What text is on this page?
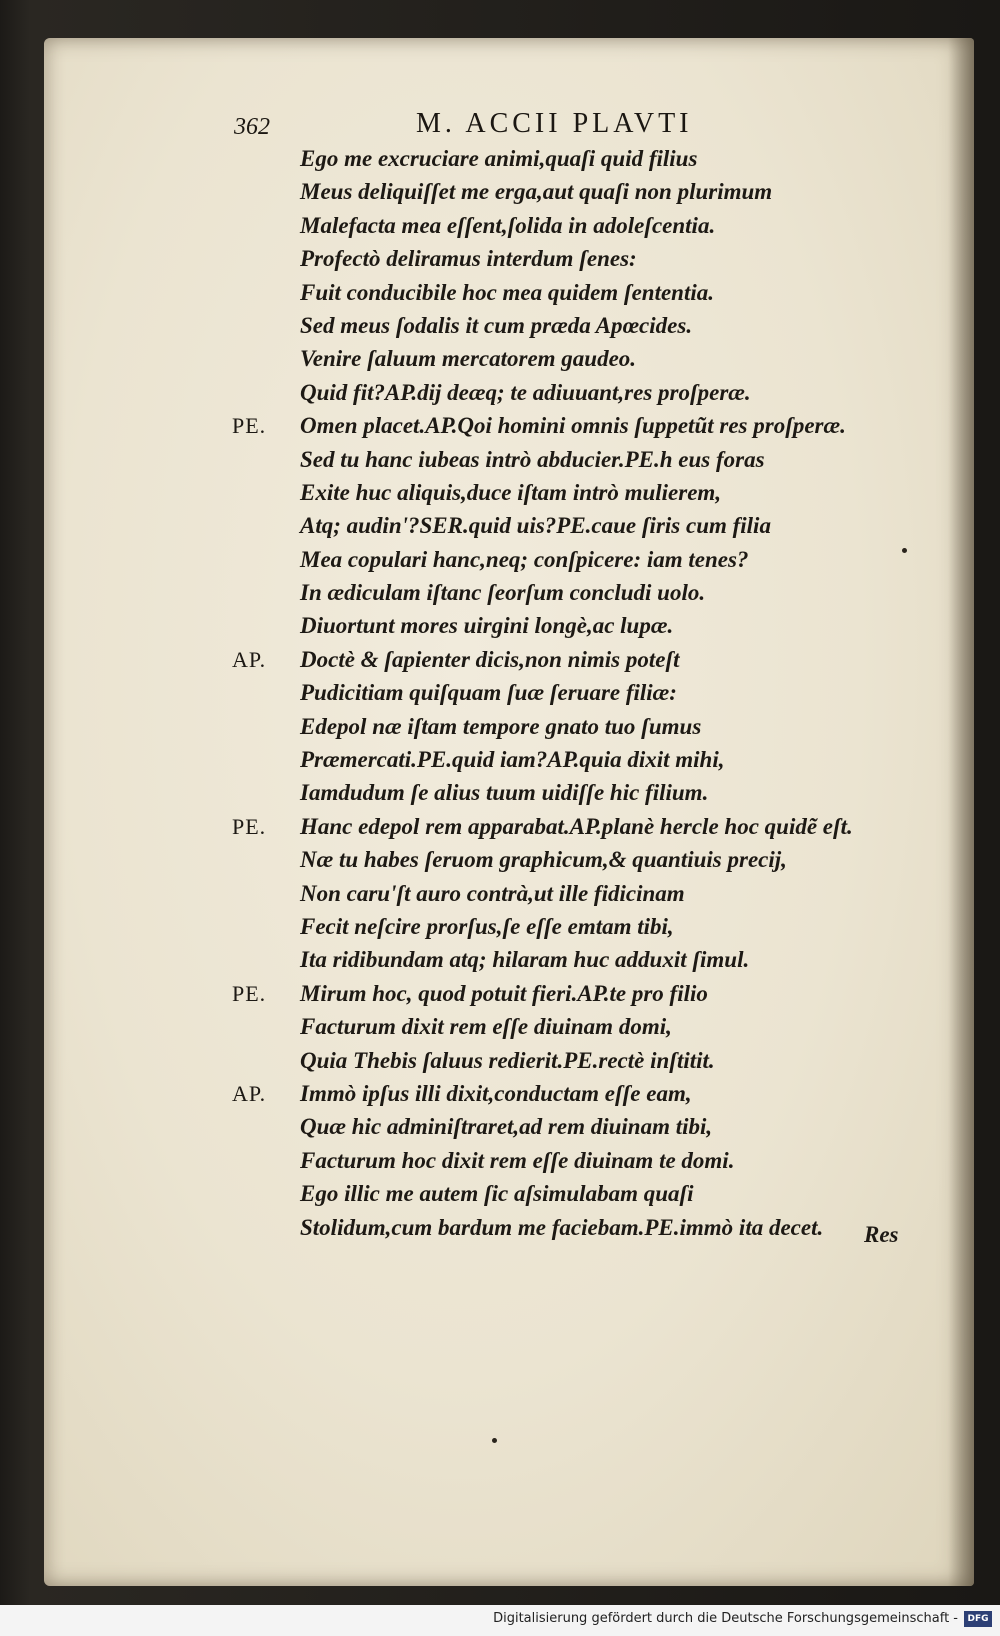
362	M. ACCII PLAVTI
Ego me excruciare animi,quaſi quid filius
Meus deliquiſſet me erga,aut quaſi non plurimum
Malefacta mea eſſent,ſolida in adoleſcentia.
Profectò deliramus interdum ſenes:
Fuit conducibile hoc mea quidem ſententia.
Sed meus ſodalis it cum præda Apœcides.
Venire ſaluum mercatorem gaudeo.
Quid fit?AP.dij deæq; te adiuuant,res proſperæ.
PE.	Omen placet.AP.Qoi homini omnis ſuppetũt res proſperæ.
Sed tu hanc iubeas intrò abducier.PE.h eus foras
Exite huc aliquis,duce iſtam intrò mulierem,
Atq; audin'?SER.quid uis?PE.caue ſiris cum filia
Mea copulari hanc,neq; conſpicere: iam tenes?
In ædiculam iſtanc ſeorſum concludi uolo.
Diuortunt mores uirgini longè,ac lupæ.
AP.	Doctè & ſapienter dicis,non nimis poteſt
Pudicitiam quiſquam ſuæ ſeruare filiæ:
Edepol næ iſtam tempore gnato tuo ſumus
Præmercati.PE.quid iam?AP.quia dixit mihi,
Iamdudum ſe alius tuum uidiſſe hic filium.
PE.	Hanc edepol rem apparabat.AP.planè hercle hoc quidẽ eſt.
Næ tu habes ſeruom graphicum,& quantiuis precij,
Non caru'ſt auro contrà,ut ille fidicinam
Fecit neſcire prorſus,ſe eſſe emtam tibi,
Ita ridibundam atq; hilaram huc adduxit ſimul.
PE.	Mirum hoc, quod potuit fieri.AP.te pro filio
Facturum dixit rem eſſe diuinam domi,
Quia Thebis ſaluus redierit.PE.rectè inſtitit.
AP.	Immò ipſus illi dixit,conductam eſſe eam,
Quæ hic adminiſtraret,ad rem diuinam tibi,
Facturum hoc dixit rem eſſe diuinam te domi.
Ego illic me autem ſic aſsimulabam quaſi
Stolidum,cum bardum me faciebam.PE.immò ita decet. Res
Digitalisierung gefördert durch die Deutsche Forschungsgemeinschaft -	DFG
